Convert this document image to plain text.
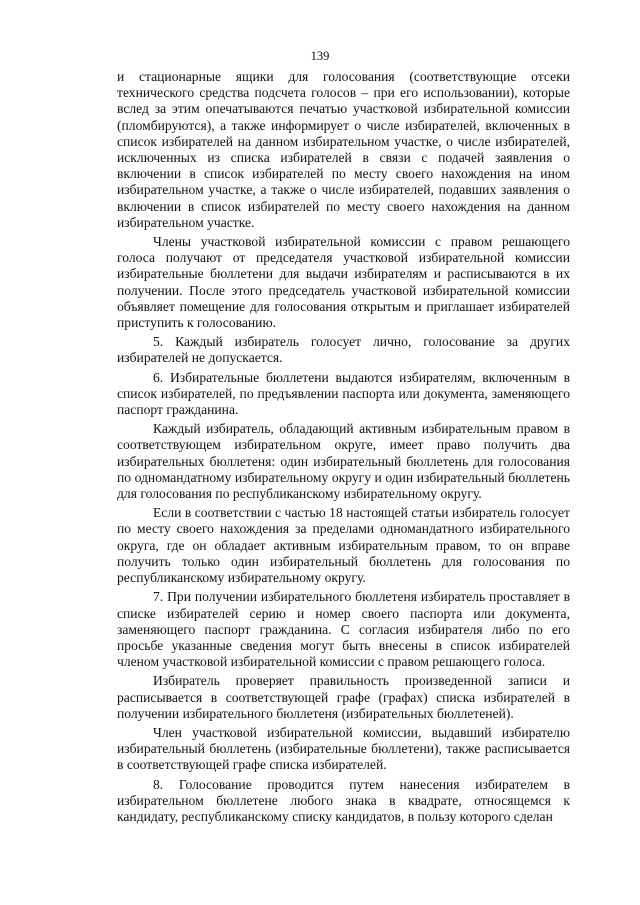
139

и стационарные ящики для голосования (соответствующие отсеки технического средства подсчета голосов – при его использовании), которые вслед за этим опечатываются печатью участковой избирательной комиссии (пломбируются), а также информирует о числе избирателей, включенных в список избирателей на данном избирательном участке, о числе избирателей, исключенных из списка избирателей в связи с подачей заявления о включении в список избирателей по месту своего нахождения на ином избирательном участке, а также о числе избирателей, подавших заявления о включении в список избирателей по месту своего нахождения на данном избирательном участке.

Члены участковой избирательной комиссии с правом решающего голоса получают от председателя участковой избирательной комиссии избирательные бюллетени для выдачи избирателям и расписываются в их получении. После этого председатель участковой избирательной комиссии объявляет помещение для голосования открытым и приглашает избирателей приступить к голосованию.

5. Каждый избиратель голосует лично, голосование за других избирателей не допускается.

6. Избирательные бюллетени выдаются избирателям, включенным в список избирателей, по предъявлении паспорта или документа, заменяющего паспорт гражданина.

Каждый избиратель, обладающий активным избирательным правом в соответствующем избирательном округе, имеет право получить два избирательных бюллетеня: один избирательный бюллетень для голосования по одномандатному избирательному округу и один избирательный бюллетень для голосования по республиканскому избирательному округу.

Если в соответствии с частью 18 настоящей статьи избиратель голосует по месту своего нахождения за пределами одномандатного избирательного округа, где он обладает активным избирательным правом, то он вправе получить только один избирательный бюллетень для голосования по республиканскому избирательному округу.

7. При получении избирательного бюллетеня избиратель проставляет в списке избирателей серию и номер своего паспорта или документа, заменяющего паспорт гражданина. С согласия избирателя либо по его просьбе указанные сведения могут быть внесены в список избирателей членом участковой избирательной комиссии с правом решающего голоса.

Избиратель проверяет правильность произведенной записи и расписывается в соответствующей графе (графах) списка избирателей в получении избирательного бюллетеня (избирательных бюллетеней).

Член участковой избирательной комиссии, выдавший избирателю избирательный бюллетень (избирательные бюллетени), также расписывается в соответствующей графе списка избирателей.

8. Голосование проводится путем нанесения избирателем в избирательном бюллетене любого знака в квадрате, относящемся к кандидату, республиканскому списку кандидатов, в пользу которого сделан
